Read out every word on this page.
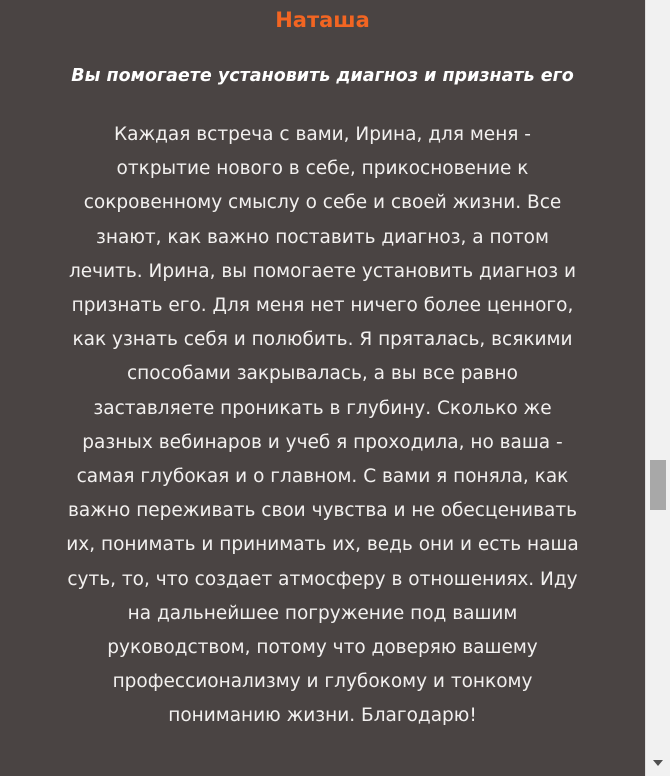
Наташа
Вы помогаете установить диагноз и признать его

Каждая встреча с вами, Ирина, для меня -
открытие нового в себе, прикосновение к
сокровенному смыслу о себе и своей жизни. Все
знают, как важно поставить диагноз, а потом
лечить. Ирина, вы помогаете установить диагноз и
признать его. Для меня нет ничего более ценного,
как узнать себя и полюбить. Я пряталась, всякими
способами закрывалась, а вы все равно
заставляете проникать в глубину. Сколько же
разных вебинаров и учеб я проходила, но ваша -
самая глубокая и о главном. С вами я поняла, как
важно переживать свои чувства и не обесценивать
их, понимать и принимать их, ведь они и есть наша
суть, то, что создает атмосферу в отношениях. Иду
на дальнейшее погружение под вашим
руководством, потому что доверяю вашему
профессионализму и глубокому и тонкому
пониманию жизни. Благодарю!
